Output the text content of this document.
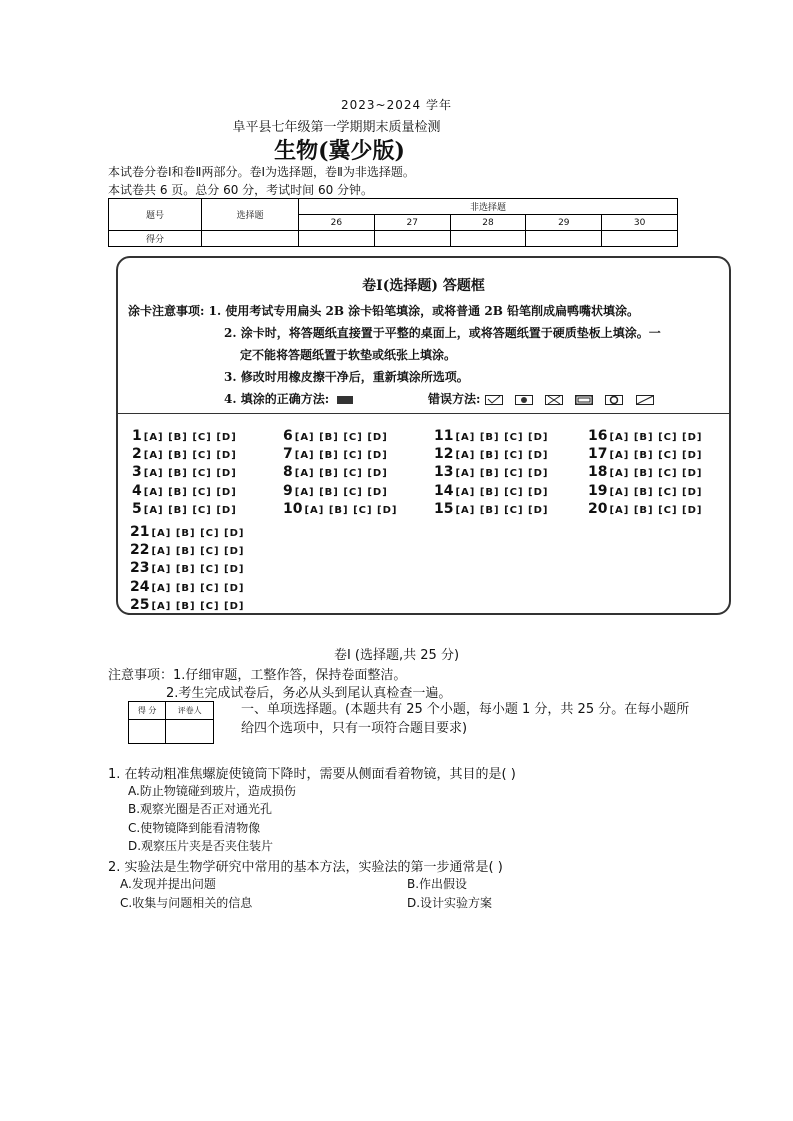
2023~2024 学年
阜平县七年级第一学期期末质量检测
生物(冀少版)
本试卷分卷Ⅰ和卷Ⅱ两部分。卷Ⅰ为选择题，卷Ⅱ为非选择题。
本试卷共 6 页。总分 60 分，考试时间 60 分钟。
题号	选择题	非选择题				
		26	27	28	29	30
得分						
卷Ⅰ(选择题) 答题框
涂卡注意事项: 1. 使用考试专用扁头 2B 涂卡铅笔填涂，或将普通 2B 铅笔削成扁鸭嘴状填涂。
2. 涂卡时，将答题纸直接置于平整的桌面上，或将答题纸置于硬质垫板上填涂。一
定不能将答题纸置于软垫或纸张上填涂。
3. 修改时用橡皮擦干净后，重新填涂所选项。
4. 填涂的正确方法:	错误方法:
1 [A] [B] [C] [D]
2 [A] [B] [C] [D]
3 [A] [B] [C] [D]
4 [A] [B] [C] [D]
5 [A] [B] [C] [D]
6 [A] [B] [C] [D]
7 [A] [B] [C] [D]
8 [A] [B] [C] [D]
9 [A] [B] [C] [D]
10 [A] [B] [C] [D]
11 [A] [B] [C] [D]
12 [A] [B] [C] [D]
13 [A] [B] [C] [D]
14 [A] [B] [C] [D]
15 [A] [B] [C] [D]
16 [A] [B] [C] [D]
17 [A] [B] [C] [D]
18 [A] [B] [C] [D]
19 [A] [B] [C] [D]
20 [A] [B] [C] [D]
21 [A] [B] [C] [D]
22 [A] [B] [C] [D]
23 [A] [B] [C] [D]
24 [A] [B] [C] [D]
25 [A] [B] [C] [D]
卷Ⅰ (选择题,共 25 分)
注意事项：1.仔细审题，工整作答，保持卷面整洁。
2.考生完成试卷后，务必从头到尾认真检查一遍。
得 分	评卷人
		一、单项选择题。(本题共有 25 个小题，每小题 1 分，共 25 分。在每小题所给四个选项中，只有一项符合题目要求)
1. 在转动粗准焦螺旋使镜筒下降时，需要从侧面看着物镜，其目的是( )
A.防止物镜碰到玻片，造成损伤
B.观察光圈是否正对通光孔
C.使物镜降到能看清物像
D.观察压片夹是否夹住装片
2. 实验法是生物学研究中常用的基本方法，实验法的第一步通常是( )
A.发现并提出问题	B.作出假设
C.收集与问题相关的信息	D.设计实验方案
